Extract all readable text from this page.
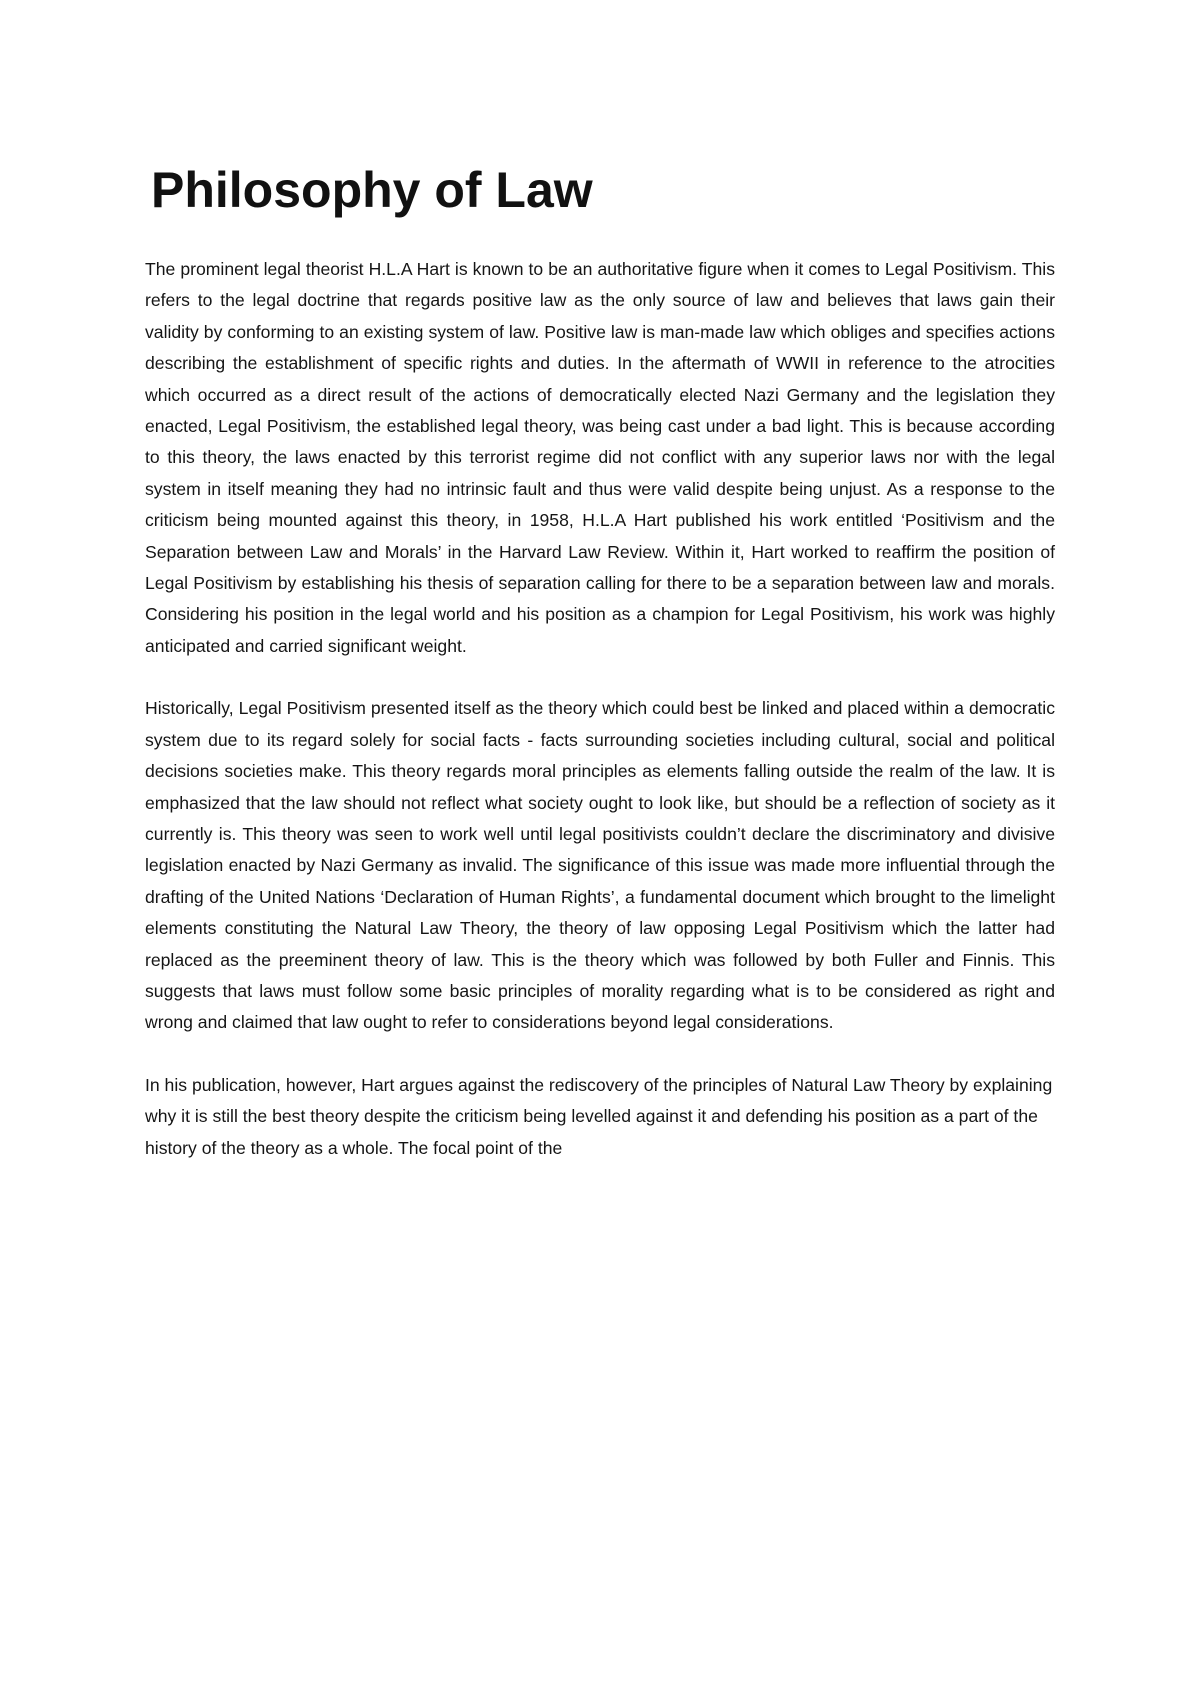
Philosophy of Law

The prominent legal theorist H.L.A Hart is known to be an authoritative figure when it comes to Legal Positivism. This refers to the legal doctrine that regards positive law as the only source of law and believes that laws gain their validity by conforming to an existing system of law. Positive law is man-made law which obliges and specifies actions describing the establishment of specific rights and duties. In the aftermath of WWII in reference to the atrocities which occurred as a direct result of the actions of democratically elected Nazi Germany and the legislation they enacted, Legal Positivism, the established legal theory, was being cast under a bad light. This is because according to this theory, the laws enacted by this terrorist regime did not conflict with any superior laws nor with the legal system in itself meaning they had no intrinsic fault and thus were valid despite being unjust. As a response to the criticism being mounted against this theory, in 1958, H.L.A Hart published his work entitled ‘Positivism and the Separation between Law and Morals’ in the Harvard Law Review. Within it, Hart worked to reaffirm the position of Legal Positivism by establishing his thesis of separation calling for there to be a separation between law and morals. Considering his position in the legal world and his position as a champion for Legal Positivism, his work was highly anticipated and carried significant weight.

Historically, Legal Positivism presented itself as the theory which could best be linked and placed within a democratic system due to its regard solely for social facts - facts surrounding societies including cultural, social and political decisions societies make. This theory regards moral principles as elements falling outside the realm of the law. It is emphasized that the law should not reflect what society ought to look like, but should be a reflection of society as it currently is. This theory was seen to work well until legal positivists couldn’t declare the discriminatory and divisive legislation enacted by Nazi Germany as invalid. The significance of this issue was made more influential through the drafting of the United Nations ‘Declaration of Human Rights’, a fundamental document which brought to the limelight elements constituting the Natural Law Theory, the theory of law opposing Legal Positivism which the latter had replaced as the preeminent theory of law. This is the theory which was followed by both Fuller and Finnis. This suggests that laws must follow some basic principles of morality regarding what is to be considered as right and wrong and claimed that law ought to refer to considerations beyond legal considerations.

In his publication, however, Hart argues against the rediscovery of the principles of Natural Law Theory by explaining why it is still the best theory despite the criticism being levelled against it and defending his position as a part of the history of the theory as a whole. The focal point of the
